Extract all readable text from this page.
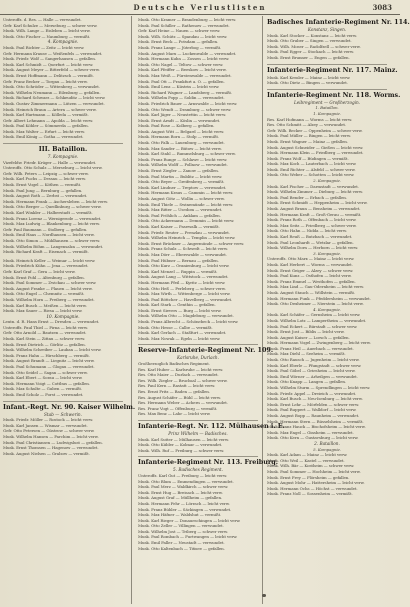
Deutsche Verlustlisten	3083
Unteroffz. d. Res. — Halle — verwundet.
Gefr. Karl Schulze — Merseburg — schwer verw.
Musk. Wilh. Lange — Eisleben — leicht verw.
Musk. Otto Fischer — Naumburg — vermißt.
4. Kompagnie.
Musk. Paul Richter — Zeitz — leicht verw.
Gefr. Hermann Krause — Weißenfels — verwundet.
Musk. Friedr. Wolf — Sangerhausen — gefallen.
Musk. Karl Schmidt — Querfurt — leicht verw.
Musk. August Meyer — Bitterfeld — schwer verw.
Musk. Ernst Hoffmann — Delitzsch — vermißt.
Gefr. Franz Becker — Torgau — leicht verw.
Musk. Otto Schröder — Wittenberg — verwundet.
Musk. Wilhelm Neumann — Eilenburg — gefallen.
Musk. Richard Schwarz — Schkeuditz — leicht verw.
Musk. Gustav Zimmermann — Lützen — verwundet.
Musk. Heinrich Braun — Artern — schwer verw.
Musk. Karl Hartmann — Kölleda — vermißt.
Gefr. Albert Lehmann — Apolda — leicht verw.
Musk. Paul Köhler — Sömmerda — gefallen.
Musk. Max Walter — Erfurt — leicht verw.
Musk. Emil König — Gotha — verwundet.
III. Bataillon.
7. Kompagnie.
Vizefeldw. Friedr. Krüger — Halle — verwundet.
Unteroffz. Otto Schulz — Merseburg — leicht verw.
Gefr. Wilh. Peters — Leipzig — schwer verw.
Musk. Karl Fuchs — Dessau — leicht verw.
Musk. Ernst Vogel — Köthen — vermißt.
Musk. Paul Jung — Bernburg — gefallen.
Musk. August Roth — Zerbst — verwundet.
Musk. Hermann Frank — Aschersleben — leicht verw.
Musk. Otto Berger — Quedlinburg — schwer verw.
Musk. Karl Winkler — Halberstadt — vermißt.
Musk. Franz Lorenz — Wernigerode — verwundet.
Musk. Max Ludwig — Blankenburg — leicht verw.
Gefr. Paul Baumann — Stolberg — gefallen.
Musk. Emil Haas — Nordhausen — leicht verw.
Musk. Otto Simon — Mühlhausen — schwer verw.
Musk. Wilhelm Böhm — Langensalza — verwundet.
Musk. Richard Kraft — Eisenach — vermißt.
Musk. Heinrich Keller — Weimar — leicht verw.
Musk. Friedrich Kühn — Jena — verwundet.
Gefr. Karl Graf — Gera — leicht verw.
Musk. Ernst Pohl — Altenburg — gefallen.
Musk. Paul Sommer — Zwickau — schwer verw.
Musk. August Franke — Plauen — leicht verw.
Musk. Otto Engel — Chemnitz — vermißt.
Musk. Wilhelm Horn — Freiberg — verwundet.
Musk. Karl Busch — Meißen — leicht verw.
Musk. Max Sauer — Riesa — leicht verw.
10. Kompagnie.
Leutn. d. R. Hans Ernst — Dresden — verwundet.
Unteroffz. Paul Thiel — Pirna — leicht verw.
Gefr. Otto Arnold — Bautzen — verwundet.
Musk. Karl Stein — Zittau — schwer verw.
Musk. Ernst Dietrich — Görlitz — gefallen.
Musk. Wilhelm Schreiber — Lauban — leicht verw.
Musk. Franz Hahn — Hirschberg — vermißt.
Musk. August Brandt — Liegnitz — leicht verw.
Musk. Paul Schumann — Glogau — verwundet.
Musk. Otto Seidel — Sagan — schwer verw.
Musk. Karl Ebert — Sorau — leicht verw.
Musk. Hermann Voigt — Cottbus — gefallen.
Musk. Max Schulte — Guben — vermißt.
Musk. Emil Scholz — Forst — verwundet.
Infant.-Regt. Nr. 90. Kaiser Wilhelm.
Stab — Schwerin.
Musk. Friedr. Möller — Rostock — leicht verw.
Musk. Karl Jansen — Wismar — verwundet.
Gefr. Otto Petersen — Güstrow — schwer verw.
Musk. Wilhelm Hansen — Parchim — leicht verw.
Musk. Paul Christiansen — Ludwigslust — gefallen.
Musk. Ernst Thomsen — Hagenow — verwundet.
Musk. August Nielsen — Grabow — vermißt.
Musk. Otto Kramer — Brandenburg — leicht verw.
Musk. Paul Schiller — Rathenow — verwundet.
Gefr. Karl Heine — Nauen — schwer verw.
Musk. Wilh. Schütz — Spandau — leicht verw.
Musk. Ernst Beck — Potsdam — gefallen.
Musk. Franz Lange — Jüterbog — vermißt.
Musk. August Marx — Luckenwalde — verwundet.
Musk. Hermann Kuhn — Zossen — leicht verw.
Musk. Otto Nagel — Teltow — schwer verw.
Musk. Karl Pfeiffer — Beeskow — leicht verw.
Musk. Max Weiß — Fürstenwalde — verwundet.
Musk. Paul Ott — Frankfurt a. O. — gefallen.
Musk. Emil Lenz — Küstrin — leicht verw.
Musk. Richard Wagner — Landsberg — vermißt.
Musk. Wilhelm Popp — Soldin — verwundet.
Musk. Friedrich Bauer — Arnswalde — leicht verw.
Musk. Otto Wendt — Dramburg — schwer verw.
Musk. Karl Jäger — Neustettin — leicht verw.
Musk. Ernst Arndt — Köslin — verwundet.
Musk. Paul Rose — Kolberg — gefallen.
Musk. August Witt — Belgard — leicht verw.
Musk. Hermann Born — Stolp — vermißt.
Musk. Otto Falk — Lauenburg — verwundet.
Musk. Max Sander — Bütow — leicht verw.
Musk. Karl Stahl — Rummelsburg — schwer verw.
Musk. Franz Runge — Schlawe — leicht verw.
Musk. Wilhelm Wolff — Pollnow — verwundet.
Musk. Ernst Ziegler — Zanow — gefallen.
Musk. Paul Martin — Bublitz — leicht verw.
Musk. Otto Beyer — Greifenberg — vermißt.
Musk. Karl Lindner — Treptow — verwundet.
Musk. Hermann Kraus — Cammin — leicht verw.
Musk. August Götz — Wollin — schwer verw.
Musk. Emil Thiele — Swinemünde — leicht verw.
Musk. Max Ritter — Usedom — verwundet.
Musk. Paul Fröhlich — Anklam — gefallen.
Musk. Otto Ackermann — Demmin — leicht verw.
Musk. Karl Kaiser — Pasewalk — vermißt.
Musk. Friedr. Reuter — Prenzlau — verwundet.
Musk. Wilhelm Heinrich — Templin — leicht verw.
Musk. Ernst Brückner — Angermünde — schwer verw.
Musk. Franz Schulz — Schwedt — leicht verw.
Musk. Max Dörr — Eberswalde — verwundet.
Musk. Paul Hübner — Bernau — gefallen.
Musk. Otto Kurz — Oranienburg — leicht verw.
Musk. Karl Menzel — Ruppin — vermißt.
Musk. August Lang — Wittstock — verwundet.
Musk. Hermann Pfeil — Kyritz — leicht verw.
Musk. Otto Heß — Perleberg — schwer verw.
Musk. Max Wirth — Wittenberge — leicht verw.
Musk. Paul Böttcher — Havelberg — verwundet.
Musk. Karl Stark — Genthin — gefallen.
Musk. Ernst Sievers — Burg — leicht verw.
Musk. Wilhelm Otto — Magdeburg — verwundet.
Musk. Franz Albrecht — Schönebeck — leicht verw.
Musk. Otto Hesse — Calbe — vermißt.
Musk. Karl Gerlach — Staßfurt — verwundet.
Musk. Max Nowak — Egeln — leicht verw.
Reserve-Infanterie-Regiment Nr. 109.
Karlsruhe, Durlach.
Großherzoglich Badisches Regiment.
Res. Karl Huber — Karlsruhe — leicht verw.
Res. Otto Maier — Durlach — verwundet.
Res. Wilh. Ziegler — Bruchsal — schwer verw.
Res. Paul Kern — Rastatt — leicht verw.
Res. Ernst Fritz — Baden — gefallen.
Res. August Schäfer — Bühl — leicht verw.
Res. Hermann Weber — Achern — verwundet.
Res. Franz Vogt — Offenburg — vermißt.
Res. Max Benz — Lahr — leicht verw.
Infanterie-Regt. Nr. 112. Mülhausen i. E.
Prinz Wilhelm — Badisches.
Musk. Karl Sutter — Mülhausen — leicht verw.
Musk. Otto Kübler — Kolmar — verwundet.
Musk. Wilh. Ruf — Freiburg — schwer verw.
Infanterie-Regiment Nr. 113. Freiburg.
5. Badisches Regiment.
Unteroffz. Karl Gut — Freiburg — leicht verw.
Musk. Otto Blum — Emmendingen — verwundet.
Musk. Paul Merz — Waldkirch — schwer verw.
Musk. Ernst Hug — Breisach — leicht verw.
Musk. August Graf — Müllheim — gefallen.
Musk. Hermann Fehr — Lörrach — leicht verw.
Musk. Franz Bühler — Säckingen — verwundet.
Musk. Max Häfner — Waldshut — vermißt.
Musk. Karl Rieger — Donaueschingen — leicht verw.
Musk. Otto Zeller — Villingen — verwundet.
Musk. Wilhelm Jost — Triberg — schwer verw.
Musk. Paul Rombach — Furtwangen — leicht verw.
Musk. Emil Faller — Neustadt — verwundet.
Musk. Otto Kaltenbach — Titisee — gefallen.
Badisches Infanterie-Regiment Nr. 114.
Konstanz, Singen.
Musk. Karl Stocker — Konstanz — leicht verw.
Musk. Otto Gruber — Singen — verwundet.
Musk. Wilh. Moser — Radolfzell — schwer verw.
Musk. Paul Egger — Stockach — leicht verw.
Musk. Ernst Brunner — Engen — gefallen.
Infanterie-Regiment Nr. 117. Mainz.
Musk. Karl Kessler — Mainz — leicht verw.
Musk. Otto Dietz — Bingen — verwundet.
Infanterie-Regiment Nr. 118. Worms.
Leibregiment — Großherzogin.
1. Bataillon.
1. Kompagnie.
Res. Karl Hofmann — Worms — leicht verw.
Res. Otto Schmitt — Alzey — verwundet.
Gefr. Wilh. Becker — Oppenheim — schwer verw.
Musk. Paul Müller — Bingen — leicht verw.
Musk. Ernst Wagner — Mainz — gefallen.
Musk. August Schneider — Gießen — leicht verw.
Musk. Hermann Klein — Friedberg — verwundet.
Musk. Franz Wolf — Büdingen — vermißt.
Musk. Max Koch — Lauterbach — leicht verw.
Musk. Emil Richter — Alsfeld — schwer verw.
Musk. Otto Weber — Schotten — leicht verw.
2. Kompagnie.
Musk. Karl Fischer — Darmstadt — verwundet.
Musk. Wilhelm Zimmer — Dieburg — leicht verw.
Musk. Paul Bender — Erbach — gefallen.
Musk. Ernst Schmidt — Heppenheim — leicht verw.
Musk. August Braun — Bensheim — verwundet.
Musk. Hermann Kraft — Groß-Gerau — vermißt.
Musk. Franz Roth — Offenbach — leicht verw.
Musk. Max Seitz — Friedberg — schwer verw.
Musk. Otto Hahn — Nidda — leicht verw.
Musk. Karl Reuß — Butzbach — verwundet.
Musk. Paul Leonhardt — Wetzlar — gefallen.
Musk. Wilhelm Dorn — Herborn — leicht verw.
3. Kompagnie.
Unteroffz. Otto Marx — Mainz — leicht verw.
Musk. Karl Herbert — Worms — verwundet.
Musk. Ernst Geiger — Alzey — schwer verw.
Musk. Paul Kunz — Osthofen — leicht verw.
Musk. Franz Emmel — Westhofen — gefallen.
Musk. Max Lind — Gau-Odernheim — leicht verw.
Musk. August Stauch — Wöllstein — vermißt.
Musk. Hermann Funk — Pfeddersheim — verwundet.
Musk. Otto Dexheimer — Nierstein — leicht verw.
4. Kompagnie.
Musk. Karl Schäfer — Gernsheim — leicht verw.
Musk. Wilhelm Lotz — Lampertheim — verwundet.
Musk. Paul Eckert — Bürstadt — schwer verw.
Musk. Ernst Jost — Biblis — leicht verw.
Musk. August Kaiser — Lorsch — gefallen.
Musk. Hermann Vogel — Zwingenberg — leicht verw.
Musk. Franz Heil — Auerbach — verwundet.
Musk. Max Diehl — Seeheim — vermißt.
Musk. Otto Rausch — Jugenheim — leicht verw.
Musk. Karl Eberle — Pfungstadt — schwer verw.
Musk. Paul Göbel — Griesheim — leicht verw.
Musk. Emil Wörner — Arheilgen — verwundet.
Musk. Otto Knapp — Langen — gefallen.
Musk. Wilhelm Sturm — Sprendlingen — leicht verw.
Musk. Friedr. Appel — Dreieich — verwundet.
Musk. Karl Busch — Neu-Isenburg — leicht verw.
Musk. Ernst Lehr — Mörfelden — schwer verw.
Musk. Paul Ruppert — Walldorf — leicht verw.
Musk. August Bopp — Raunheim — verwundet.
Musk. Hermann Stern — Rüsselsheim — vermißt.
Musk. Franz Hauck — Bischofsheim — leicht verw.
Musk. Max Engel — Ginsheim — verwundet.
Musk. Otto Kern — Gustavsburg — leicht verw.
2. Bataillon.
5. Kompagnie.
Musk. Karl Adam — Mainz — leicht verw.
Musk. Otto Weil — Kastel — verwundet.
Musk. Wilh. Bär — Kostheim — schwer verw.
Musk. Paul Sommer — Hochheim — leicht verw.
Musk. Ernst Frey — Flörsheim — gefallen.
Musk. August Mohr — Hattersheim — leicht verw.
Musk. Hermann Ochs — Höchst — verwundet.
Musk. Franz Noll — Sossenheim — vermißt.
